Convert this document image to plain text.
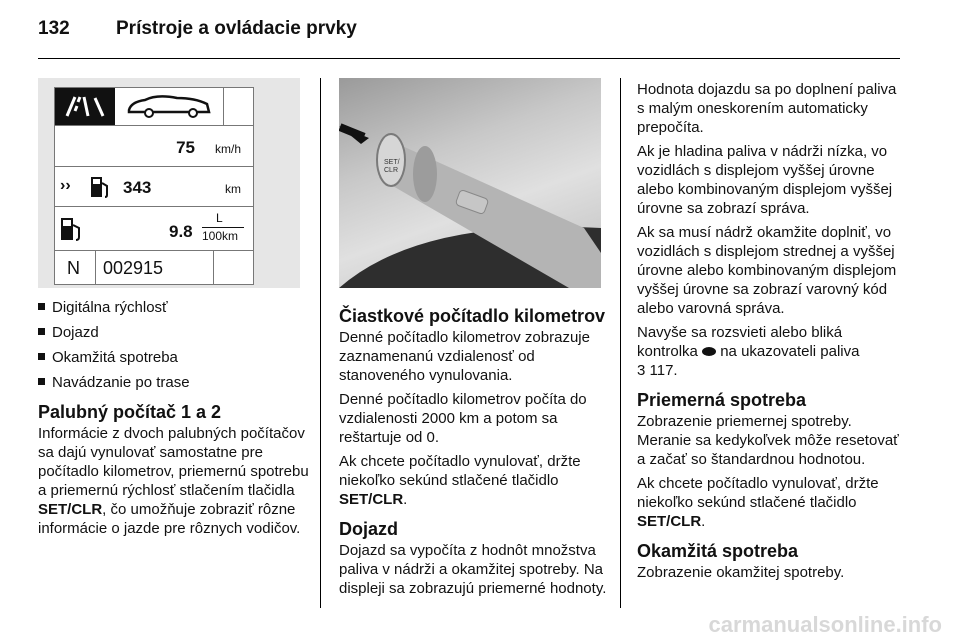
132 Prístroje a ovládacie prvky
75 km/h
››	343	km
9.8
L
100km
N 002915
SET/
CLR
Digitálna rýchlosť
Dojazd
Okamžitá spotreba
Navádzanie po trase
Palubný počítač 1 a 2

Informácie z dvoch palubných počítačov sa dajú vynulovať samostatne pre počítadlo kilometrov, priemernú spotrebu a priemernú rýchlosť stlačením tlačidla SET/CLR, čo umožňuje zobraziť rôzne informácie o jazde pre rôznych vodičov.

Čiastkové počítadlo kilometrov

Denné počítadlo kilometrov zobrazuje zaznamenanú vzdialenosť od stanoveného vynulovania.

Denné počítadlo kilometrov počíta do vzdialenosti 2000 km a potom sa reštartuje od 0.

Ak chcete počítadlo vynulovať, držte niekoľko sekúnd stlačené tlačidlo SET/CLR.

Dojazd

Dojazd sa vypočíta z hodnôt množstva paliva v nádrži a okamžitej spotreby. Na displeji sa zobrazujú priemerné hodnoty.

Hodnota dojazdu sa po doplnení paliva s malým oneskorením automaticky prepočíta.

Ak je hladina paliva v nádrži nízka, vo vozidlách s displejom vyššej úrovne alebo kombinovaným displejom vyššej úrovne sa zobrazí správa.

Ak sa musí nádrž okamžite doplniť, vo vozidlách s displejom strednej a vyššej úrovne alebo kombinovaným displejom vyššej úrovne sa zobrazí varovný kód alebo varovná správa.

Navyše sa rozsvieti alebo bliká kontrolka na ukazovateli paliva
3 117.

Priemerná spotreba

Zobrazenie priemernej spotreby. Meranie sa kedykoľvek môže resetovať a začať so štandardnou hodnotou.

Ak chcete počítadlo vynulovať, držte niekoľko sekúnd stlačené tlačidlo SET/CLR.

Okamžitá spotreba

Zobrazenie okamžitej spotreby.

carmanualsonline.info
